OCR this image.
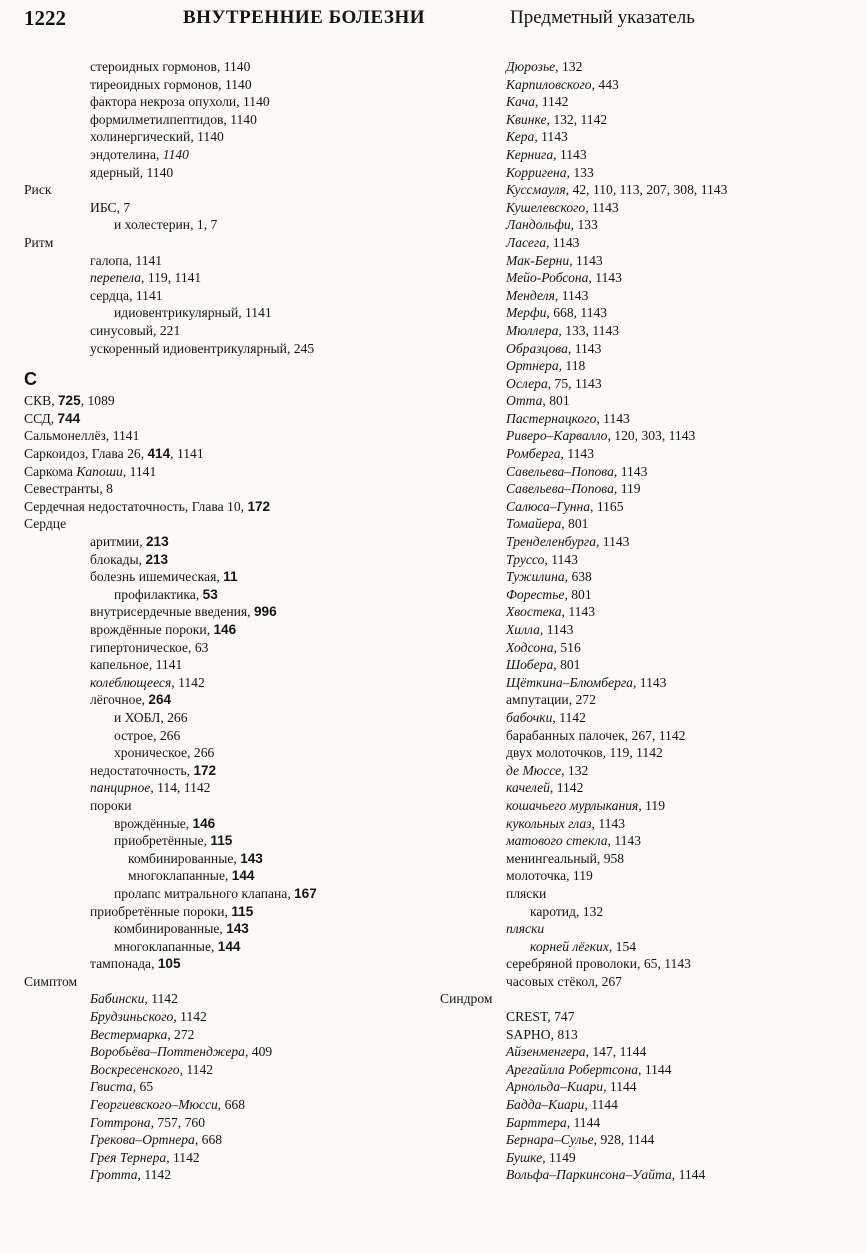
1222	ВНУТРЕННИЕ БОЛЕЗНИ	Предметный указатель
стероидных гормонов, 1140
тиреоидных гормонов, 1140
фактора некроза опухоли, 1140
формилметилпептидов, 1140
холинергический, 1140
эндотелина, 1140
ядерный, 1140
Риск
ИБС, 7
и холестерин, 1, 7
Ритм
галопа, 1141
перепела, 119, 1141
сердца, 1141
идиовентрикулярный, 1141
синусовый, 221
ускоренный идиовентрикулярный, 245
С
СКВ, 725, 1089
ССД, 744
Сальмонеллёз, 1141
Саркоидоз, Глава 26, 414, 1141
Саркома Капоши, 1141
Севестранты, 8
Сердечная недостаточность, Глава 10, 172
Сердце
аритмии, 213
блокады, 213
болезнь ишемическая, 11
профилактика, 53
внутрисердечные введения, 996
врождённые пороки, 146
гипертоническое, 63
капельное, 1141
колеблющееся, 1142
лёгочное, 264
и ХОБЛ, 266
острое, 266
хроническое, 266
недостаточность, 172
панцирное, 114, 1142
пороки
врождённые, 146
приобретённые, 115
комбинированные, 143
многоклапанные, 144
пролапс митрального клапана, 167
приобретённые пороки, 115
комбинированные, 143
многоклапанные, 144
тампонада, 105
Симптом
Бабински, 1142
Брудзиньского, 1142
Вестермарка, 272
Воробьёва–Поттенджера, 409
Воскресенского, 1142
Гвиста, 65
Георгиевского–Мюсси, 668
Готтрона, 757, 760
Грекова–Ортнера, 668
Грея Тернера, 1142
Гротта, 1142
Дюрозье, 132
Карпиловского, 443
Кача, 1142
Квинке, 132, 1142
Кера, 1143
Кернига, 1143
Корригена, 133
Куссмауля, 42, 110, 113, 207, 308, 1143
Кушелевского, 1143
Ландольфи, 133
Ласега, 1143
Мак-Берни, 1143
Мейо-Робсона, 1143
Менделя, 1143
Мерфи, 668, 1143
Мюллера, 133, 1143
Образцова, 1143
Ортнера, 118
Ослера, 75, 1143
Отта, 801
Пастернацкого, 1143
Риверо–Карвалло, 120, 303, 1143
Ромберга, 1143
Савельева–Попова, 1143
Савельева–Попова, 119
Салюса–Гунна, 1165
Томайера, 801
Тренделенбурга, 1143
Труссо, 1143
Тужилина, 638
Форестье, 801
Хвостека, 1143
Хилла, 1143
Ходсона, 516
Шобера, 801
Щёткина–Блюмберга, 1143
ампутации, 272
бабочки, 1142
барабанных палочек, 267, 1142
двух молоточков, 119, 1142
де Мюссе, 132
качелей, 1142
кошачьего мурлыкания, 119
кукольных глаз, 1143
матового стекла, 1143
менингеальный, 958
молоточка, 119
пляски
каротид, 132
пляски
корней лёгких, 154
серебряной проволоки, 65, 1143
часовых стёкол, 267
Синдром
CREST, 747
SAPHO, 813
Айзенменгера, 147, 1144
Арегайлла Робертсона, 1144
Арнольда–Киари, 1144
Бадда–Киари, 1144
Барттера, 1144
Бернара–Сулье, 928, 1144
Бушке, 1149
Вольфа–Паркинсона–Уайта, 1144
